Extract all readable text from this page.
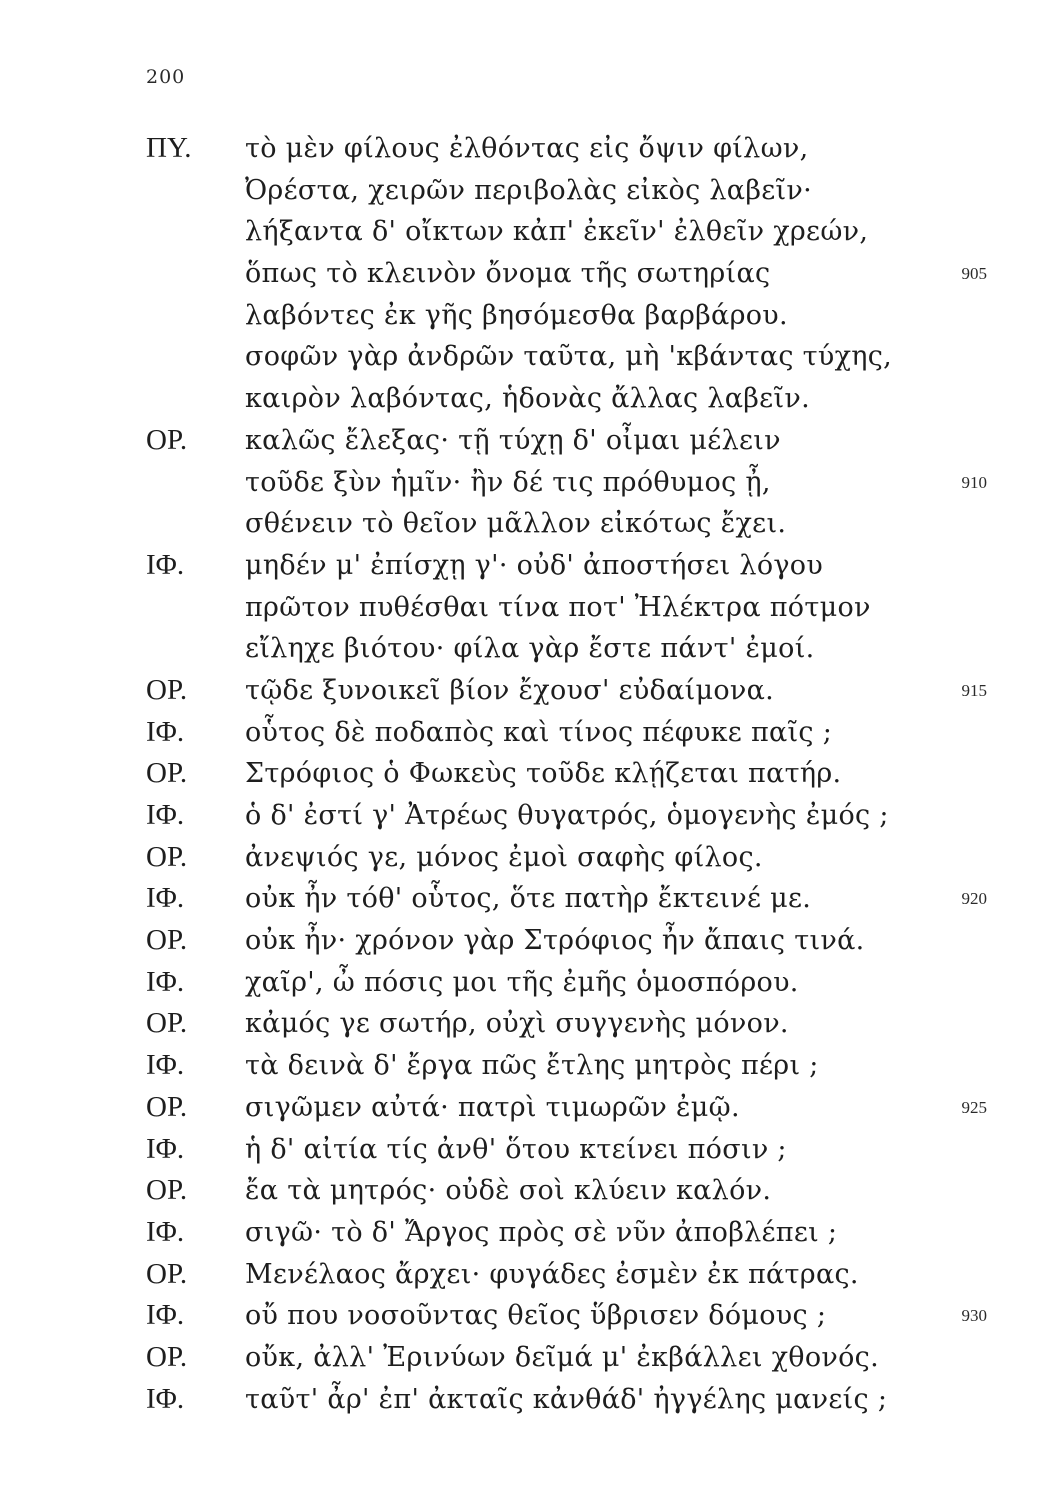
200
ΠΥ. τὸ μὲν φίλους ἐλθόντας εἰς ὄψιν φίλων,
Ὀρέστα, χειρῶν περιβολὰς εἰκὸς λαβεῖν·
λήξαντα δ' οἴκτων κἀπ' ἐκεῖν' ἐλθεῖν χρεών,
ὅπως τὸ κλεινὸν ὄνομα τῆς σωτηρίας	905
λαβόντες ἐκ γῆς βησόμεσθα βαρβάρου.
σοφῶν γὰρ ἀνδρῶν ταῦτα, μὴ 'κβάντας τύχης,
καιρὸν λαβόντας, ἡδονὰς ἄλλας λαβεῖν.
ΟΡ. καλῶς ἔλεξας· τῇ τύχῃ δ' οἶμαι μέλειν
τοῦδε ξὺν ἡμῖν· ἢν δέ τις πρόθυμος ᾖ,	910
σθένειν τὸ θεῖον μᾶλλον εἰκότως ἔχει.
ΙΦ. μηδέν μ' ἐπίσχῃ γ'· οὐδ' ἀποστήσει λόγου
πρῶτον πυθέσθαι τίνα ποτ' Ἠλέκτρα πότμον
εἴληχε βιότου· φίλα γὰρ ἔστε πάντ' ἐμοί.
ΟΡ. τῷδε ξυνοικεῖ βίον ἔχουσ' εὐδαίμονα.	915
ΙΦ. οὗτος δὲ ποδαπὸς καὶ τίνος πέφυκε παῖς ;
ΟΡ. Στρόφιος ὁ Φωκεὺς τοῦδε κλῄζεται πατήρ.
ΙΦ. ὁ δ' ἐστί γ' Ἀτρέως θυγατρός, ὁμογενὴς ἐμός ;
ΟΡ. ἀνεψιός γε, μόνος ἐμοὶ σαφὴς φίλος.
ΙΦ. οὐκ ἦν τόθ' οὗτος, ὅτε πατὴρ ἔκτεινέ με.	920
ΟΡ. οὐκ ἦν· χρόνον γὰρ Στρόφιος ἦν ἄπαις τινά.
ΙΦ. χαῖρ', ὦ πόσις μοι τῆς ἐμῆς ὁμοσπόρου.
ΟΡ. κἀμός γε σωτήρ, οὐχὶ συγγενὴς μόνον.
ΙΦ. τὰ δεινὰ δ' ἔργα πῶς ἔτλης μητρὸς πέρι ;
ΟΡ. σιγῶμεν αὐτά· πατρὶ τιμωρῶν ἐμῷ.	925
ΙΦ. ἡ δ' αἰτία τίς ἀνθ' ὅτου κτείνει πόσιν ;
ΟΡ. ἔα τὰ μητρός· οὐδὲ σοὶ κλύειν καλόν.
ΙΦ. σιγῶ· τὸ δ' Ἄργος πρὸς σὲ νῦν ἀποβλέπει ;
ΟΡ. Μενέλαος ἄρχει· φυγάδες ἐσμὲν ἐκ πάτρας.
ΙΦ. οὔ που νοσοῦντας θεῖος ὕβρισεν δόμους ;	930
ΟΡ. οὔκ, ἀλλ' Ἐρινύων δεῖμά μ' ἐκβάλλει χθονός.
ΙΦ. ταῦτ' ἆρ' ἐπ' ἀκταῖς κἀνθάδ' ἠγγέλης μανείς ;
